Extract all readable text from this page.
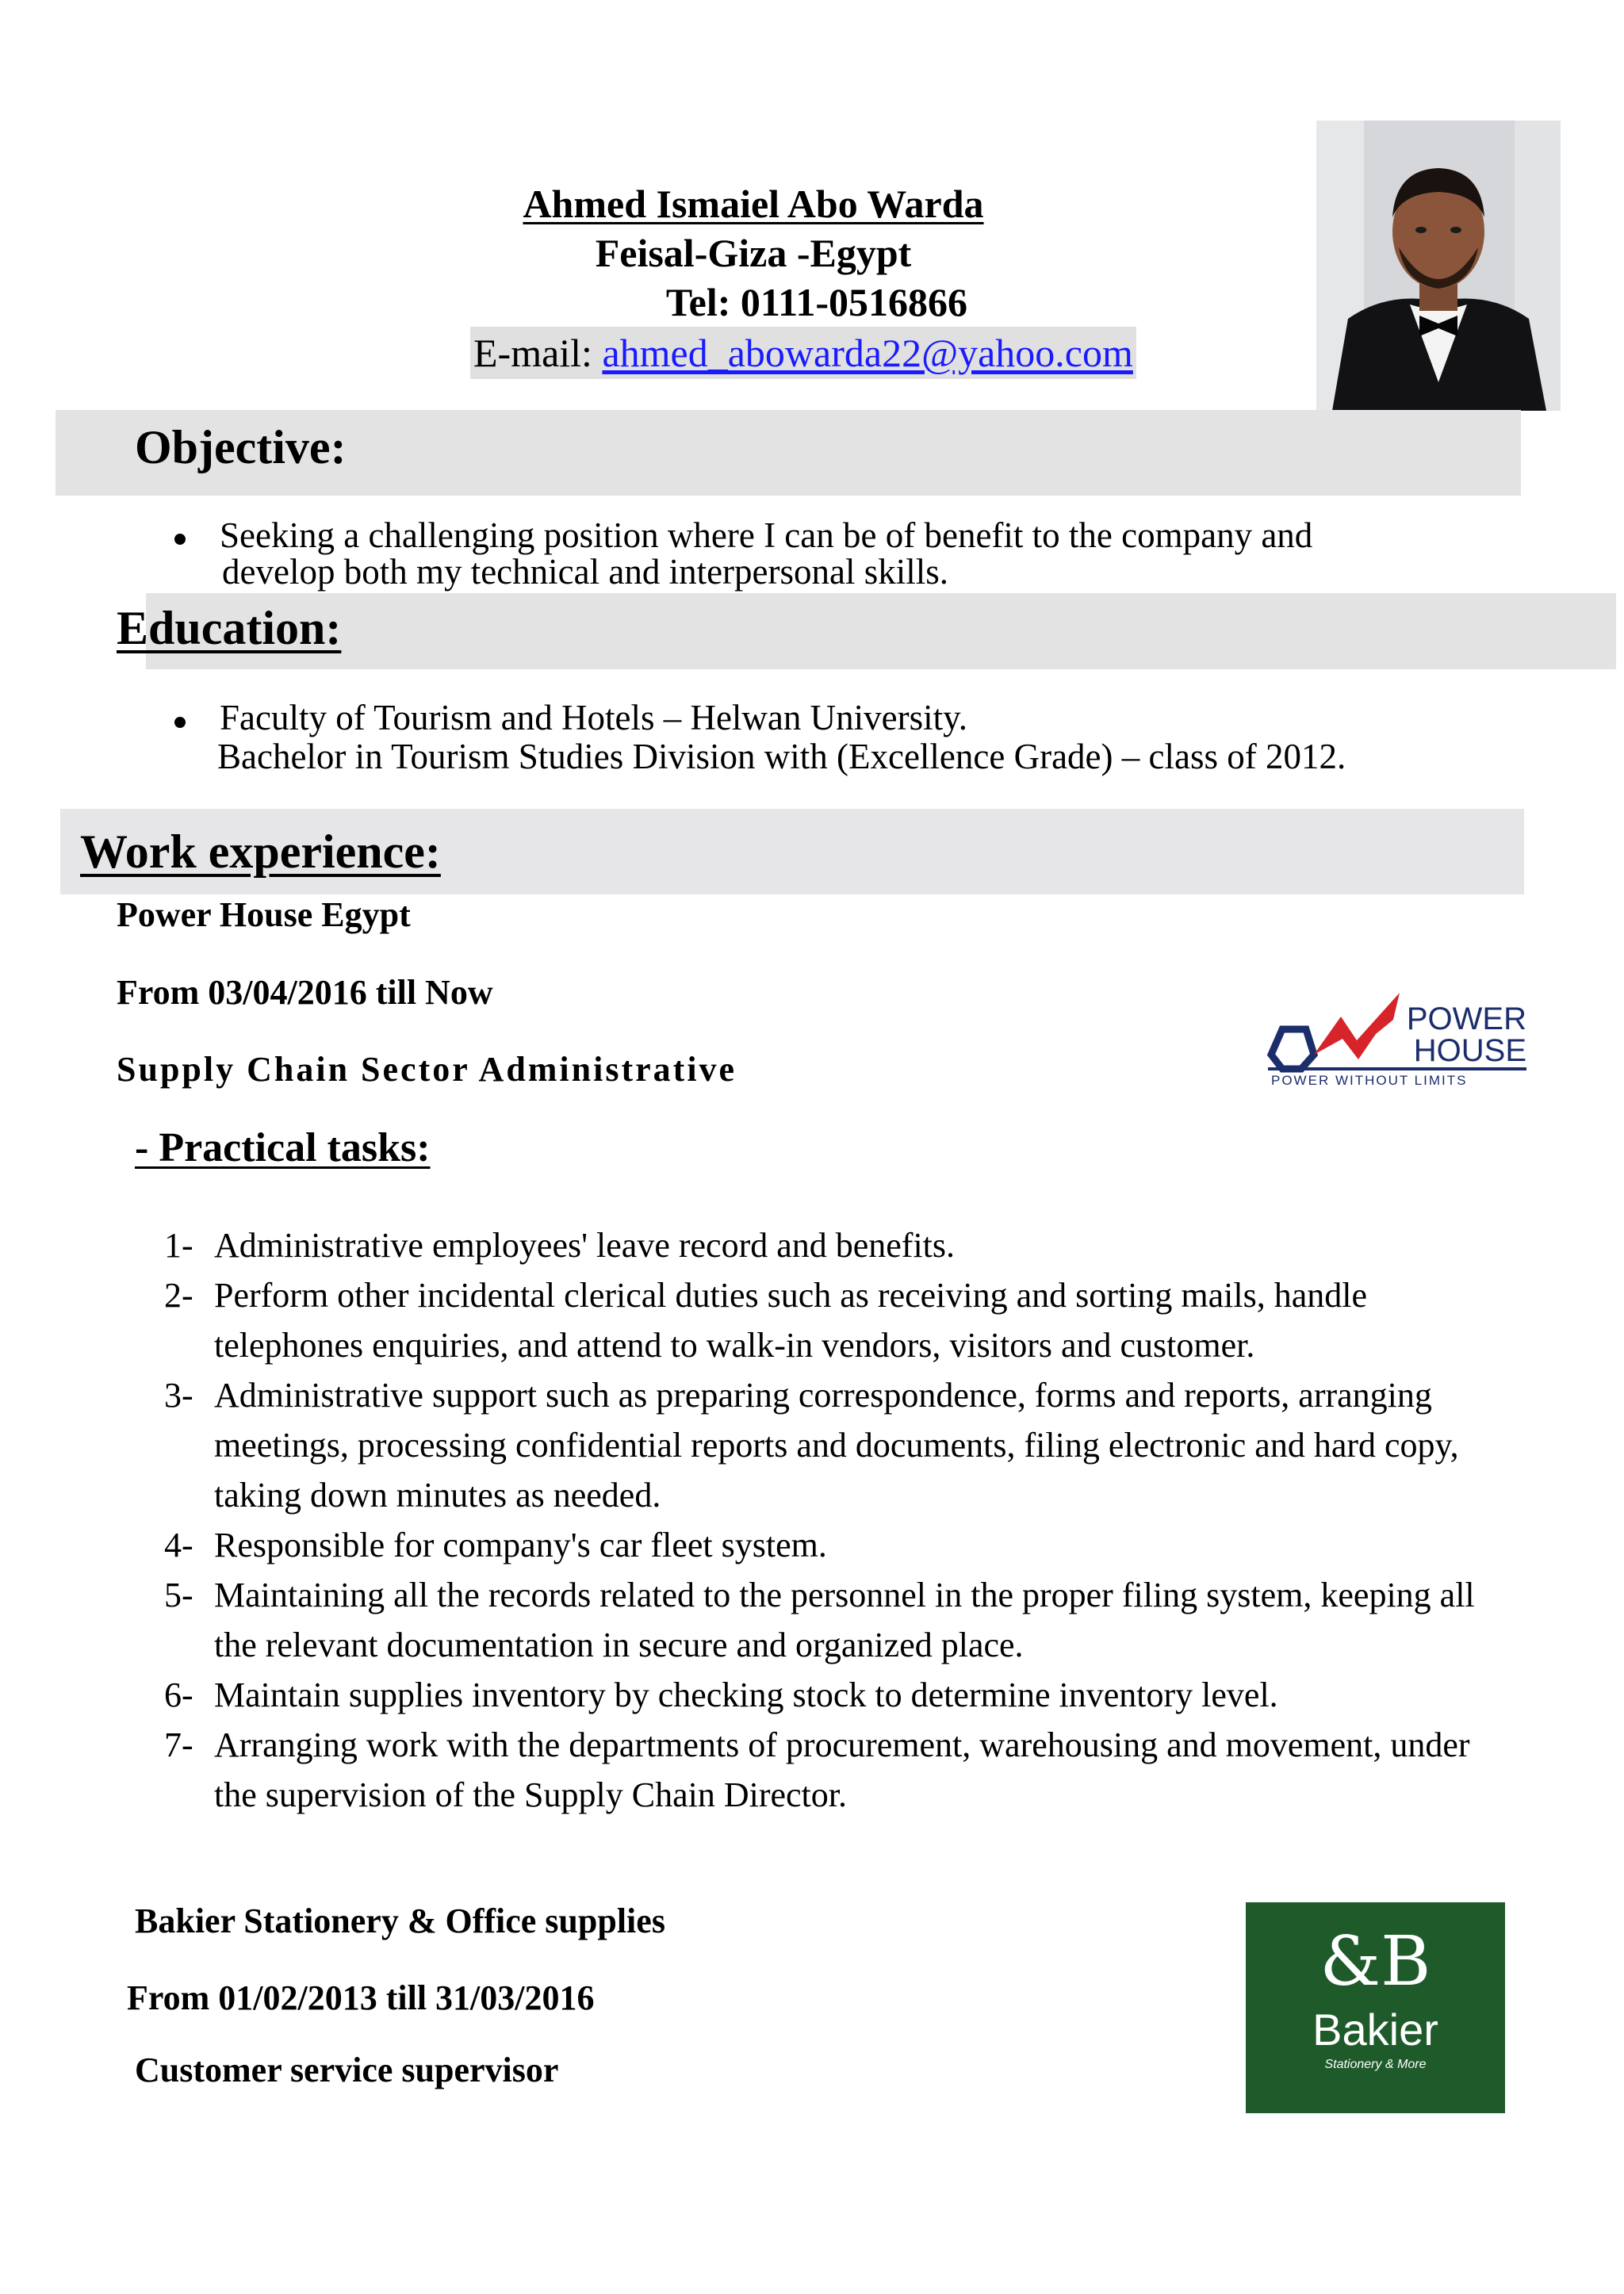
Ahmed Ismaiel Abo Warda
Feisal-Giza -Egypt
Tel: 0111-0516866
E-mail: ahmed_abowarda22@yahoo.com
Objective:
Seeking a challenging position where I can be of benefit to the company and
develop both my technical and interpersonal skills.
Education:
Faculty of Tourism and Hotels – Helwan University.
Bachelor in Tourism Studies Division with (Excellence Grade) – class of 2012.
Work experience:
Power House Egypt
From 03/04/2016 till Now
Supply Chain Sector Administrative
POWER
HOUSE
POWER WITHOUT LIMITS
- Practical tasks:
1- Administrative employees' leave record and benefits.
2- Perform other incidental clerical duties such as receiving and sorting mails, handle
telephones enquiries, and attend to walk-in vendors, visitors and customer.
3- Administrative support such as preparing correspondence, forms and reports, arranging
meetings, processing confidential reports and documents, filing electronic and hard copy,
taking down minutes as needed.
4- Responsible for company's car fleet system.
5- Maintaining all the records related to the personnel in the proper filing system, keeping all
the relevant documentation in secure and organized place.
6- Maintain supplies inventory by checking stock to determine inventory level.
7- Arranging work with the departments of procurement, warehousing and movement, under
the supervision of the Supply Chain Director.
Bakier Stationery & Office supplies
From 01/02/2013 till 31/03/2016
Customer service supervisor
&B
Bakier
Stationery & More
